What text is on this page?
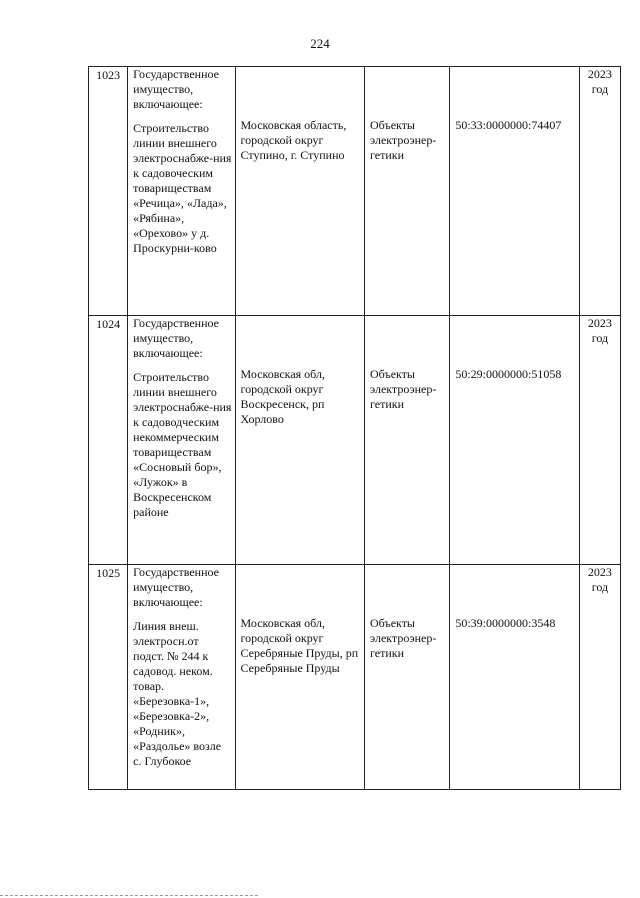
224
1023	Государственное имущество, включающее:
Строительство линии внешнего электроснабже-ния к садовоческим товариществам «Речица», «Лада», «Рябина», «Орехово» у д. Проскурни-ково	Московская область, городской округ Ступино, г. Ступино	Объекты электроэнер-гетики	50:33:0000000:74407	2023
год

1024	Государственное имущество, включающее:
Строительство линии внешнего электроснабже-ния к садоводческим некоммерческим товариществам «Сосновый бор», «Лужок» в Воскресенском районе	Московская обл, городской округ Воскресенск, рп Хорлово	Объекты электроэнер-гетики	50:29:0000000:51058	2023
год

1025	Государственное имущество, включающее:
Линия внеш. электросн.от подст. № 244 к садовод. неком. товар. «Березовка-1», «Березовка-2», «Родник», «Раздолье» возле с. Глубокое	Московская обл, городской округ Серебряные Пруды, рп Серебряные Пруды	Объекты электроэнер-гетики	50:39:0000000:3548	2023
год
